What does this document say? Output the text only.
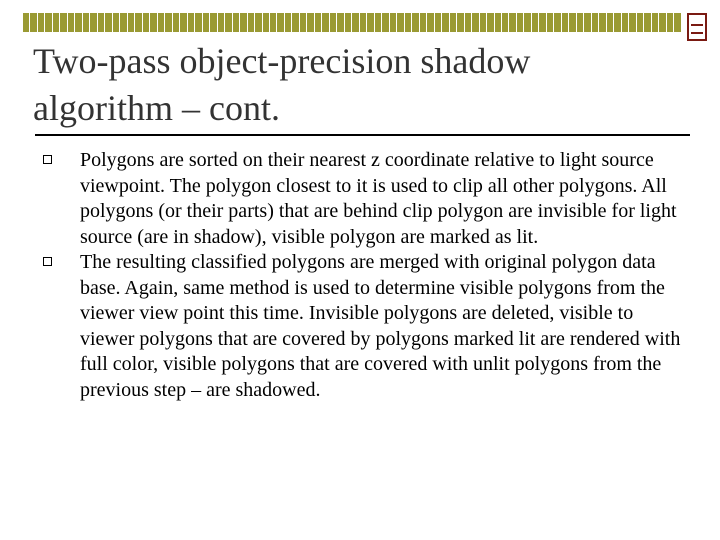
Two-pass object-precision shadow algorithm – cont.
Polygons are sorted on their nearest z coordinate relative to light source viewpoint. The polygon closest to it is used to clip all other polygons. All polygons (or their parts) that are behind clip polygon are invisible for light source (are in shadow), visible polygon are marked as lit.
The resulting classified polygons are merged with original polygon data base. Again, same method is used to determine visible polygons from the viewer view point this time. Invisible polygons are deleted, visible to viewer polygons that are covered by polygons marked lit are rendered with full color, visible polygons that are covered with unlit polygons from the previous step – are shadowed.
